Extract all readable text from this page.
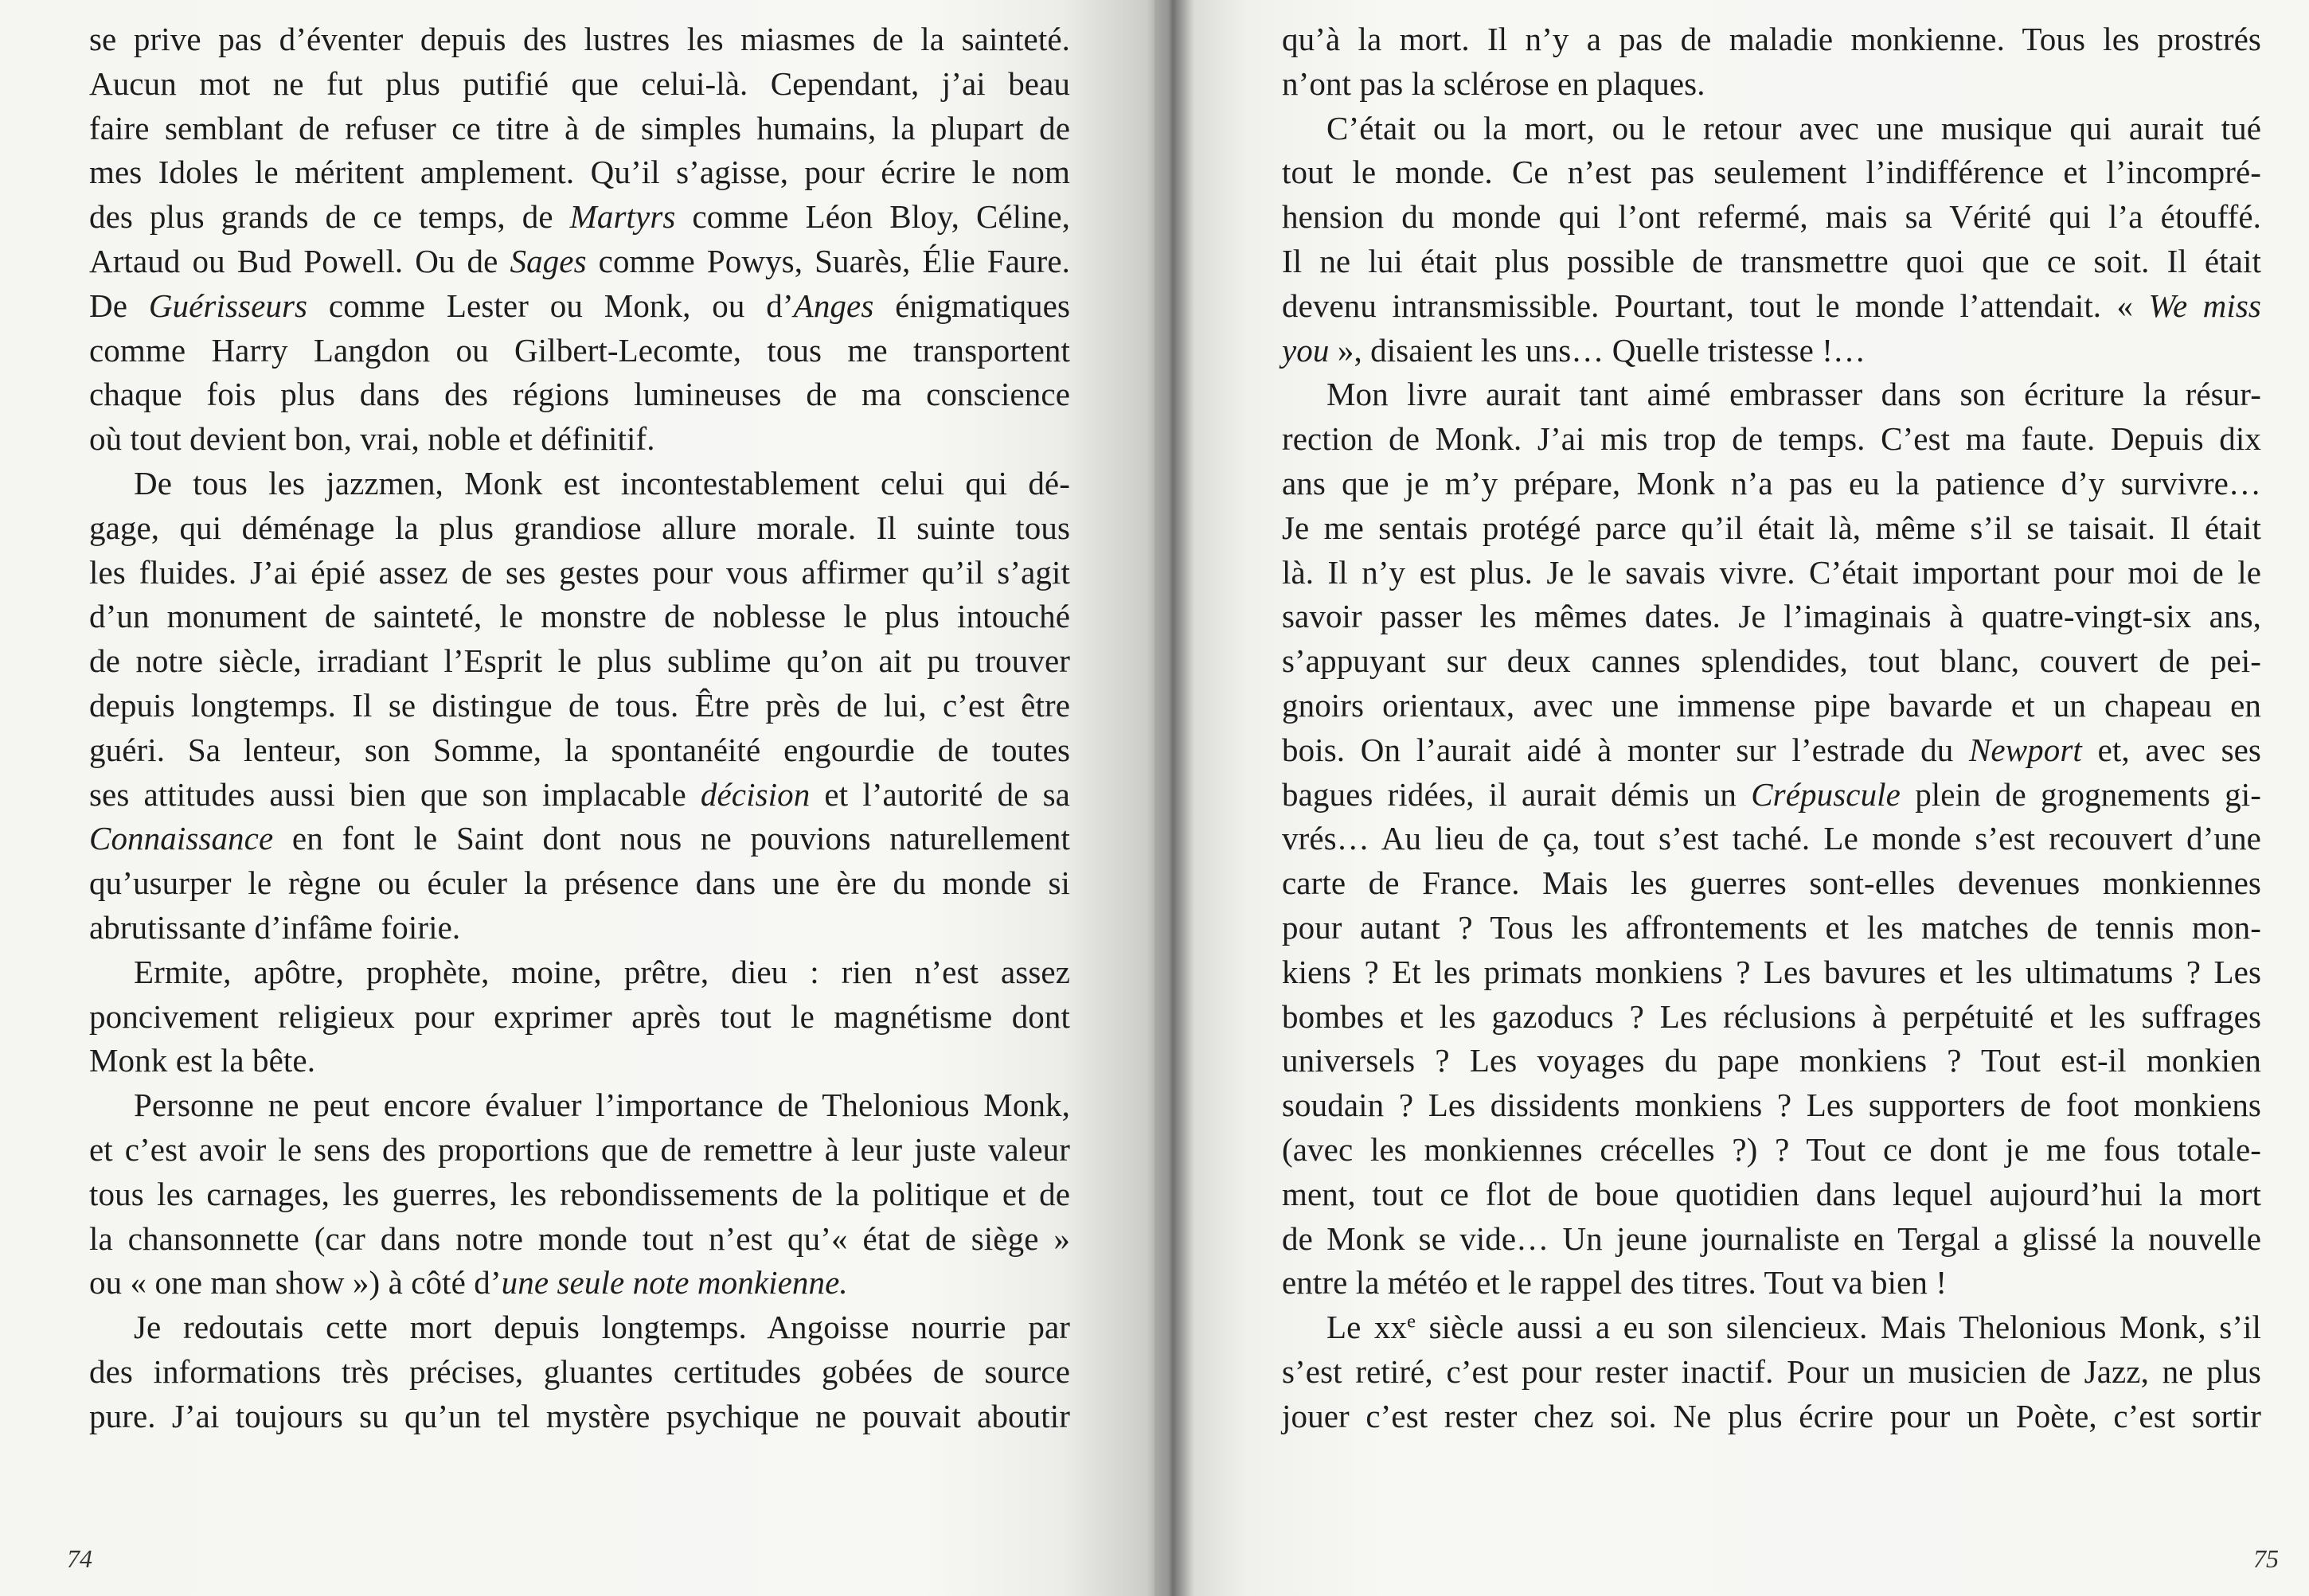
se prive pas d’éventer depuis des lustres les miasmes de la sainteté.
Aucun mot ne fut plus putifié que celui-là. Cependant, j’ai beau
faire semblant de refuser ce titre à de simples humains, la plupart de
mes Idoles le méritent amplement. Qu’il s’agisse, pour écrire le nom
des plus grands de ce temps, de Martyrs comme Léon Bloy, Céline,
Artaud ou Bud Powell. Ou de Sages comme Powys, Suarès, Élie Faure.
De Guérisseurs comme Lester ou Monk, ou d’Anges énigmatiques
comme Harry Langdon ou Gilbert-Lecomte, tous me transportent
chaque fois plus dans des régions lumineuses de ma conscience
où tout devient bon, vrai, noble et définitif.
De tous les jazzmen, Monk est incontestablement celui qui dé-
gage, qui déménage la plus grandiose allure morale. Il suinte tous
les fluides. J’ai épié assez de ses gestes pour vous affirmer qu’il s’agit
d’un monument de sainteté, le monstre de noblesse le plus intouché
de notre siècle, irradiant l’Esprit le plus sublime qu’on ait pu trouver
depuis longtemps. Il se distingue de tous. Être près de lui, c’est être
guéri. Sa lenteur, son Somme, la spontanéité engourdie de toutes
ses attitudes aussi bien que son implacable décision et l’autorité de sa
Connaissance en font le Saint dont nous ne pouvions naturellement
qu’usurper le règne ou éculer la présence dans une ère du monde si
abrutissante d’infâme foirie.
Ermite, apôtre, prophète, moine, prêtre, dieu : rien n’est assez
poncivement religieux pour exprimer après tout le magnétisme dont
Monk est la bête.
Personne ne peut encore évaluer l’importance de Thelonious Monk,
et c’est avoir le sens des proportions que de remettre à leur juste valeur
tous les carnages, les guerres, les rebondissements de la politique et de
la chansonnette (car dans notre monde tout n’est qu’« état de siège »
ou « one man show ») à côté d’une seule note monkienne.
Je redoutais cette mort depuis longtemps. Angoisse nourrie par
des informations très précises, gluantes certitudes gobées de source
pure. J’ai toujours su qu’un tel mystère psychique ne pouvait aboutir
74
qu’à la mort. Il n’y a pas de maladie monkienne. Tous les prostrés
n’ont pas la sclérose en plaques.
C’était ou la mort, ou le retour avec une musique qui aurait tué
tout le monde. Ce n’est pas seulement l’indifférence et l’incompré-
hension du monde qui l’ont refermé, mais sa Vérité qui l’a étouffé.
Il ne lui était plus possible de transmettre quoi que ce soit. Il était
devenu intransmissible. Pourtant, tout le monde l’attendait. « We miss
you », disaient les uns… Quelle tristesse !…
Mon livre aurait tant aimé embrasser dans son écriture la résur-
rection de Monk. J’ai mis trop de temps. C’est ma faute. Depuis dix
ans que je m’y prépare, Monk n’a pas eu la patience d’y survivre…
Je me sentais protégé parce qu’il était là, même s’il se taisait. Il était
là. Il n’y est plus. Je le savais vivre. C’était important pour moi de le
savoir passer les mêmes dates. Je l’imaginais à quatre-vingt-six ans,
s’appuyant sur deux cannes splendides, tout blanc, couvert de pei-
gnoirs orientaux, avec une immense pipe bavarde et un chapeau en
bois. On l’aurait aidé à monter sur l’estrade du Newport et, avec ses
bagues ridées, il aurait démis un Crépuscule plein de grognements gi-
vrés… Au lieu de ça, tout s’est taché. Le monde s’est recouvert d’une
carte de France. Mais les guerres sont-elles devenues monkiennes
pour autant ? Tous les affrontements et les matches de tennis mon-
kiens ? Et les primats monkiens ? Les bavures et les ultimatums ? Les
bombes et les gazoducs ? Les réclusions à perpétuité et les suffrages
universels ? Les voyages du pape monkiens ? Tout est-il monkien
soudain ? Les dissidents monkiens ? Les supporters de foot monkiens
(avec les monkiennes crécelles ?) ? Tout ce dont je me fous totale-
ment, tout ce flot de boue quotidien dans lequel aujourd’hui la mort
de Monk se vide… Un jeune journaliste en Tergal a glissé la nouvelle
entre la météo et le rappel des titres. Tout va bien !
Le $xx^e$ siècle aussi a eu son silencieux. Mais Thelonious Monk, s’il
s’est retiré, c’est pour rester inactif. Pour un musicien de Jazz, ne plus
jouer c’est rester chez soi. Ne plus écrire pour un Poète, c’est sortir
75
